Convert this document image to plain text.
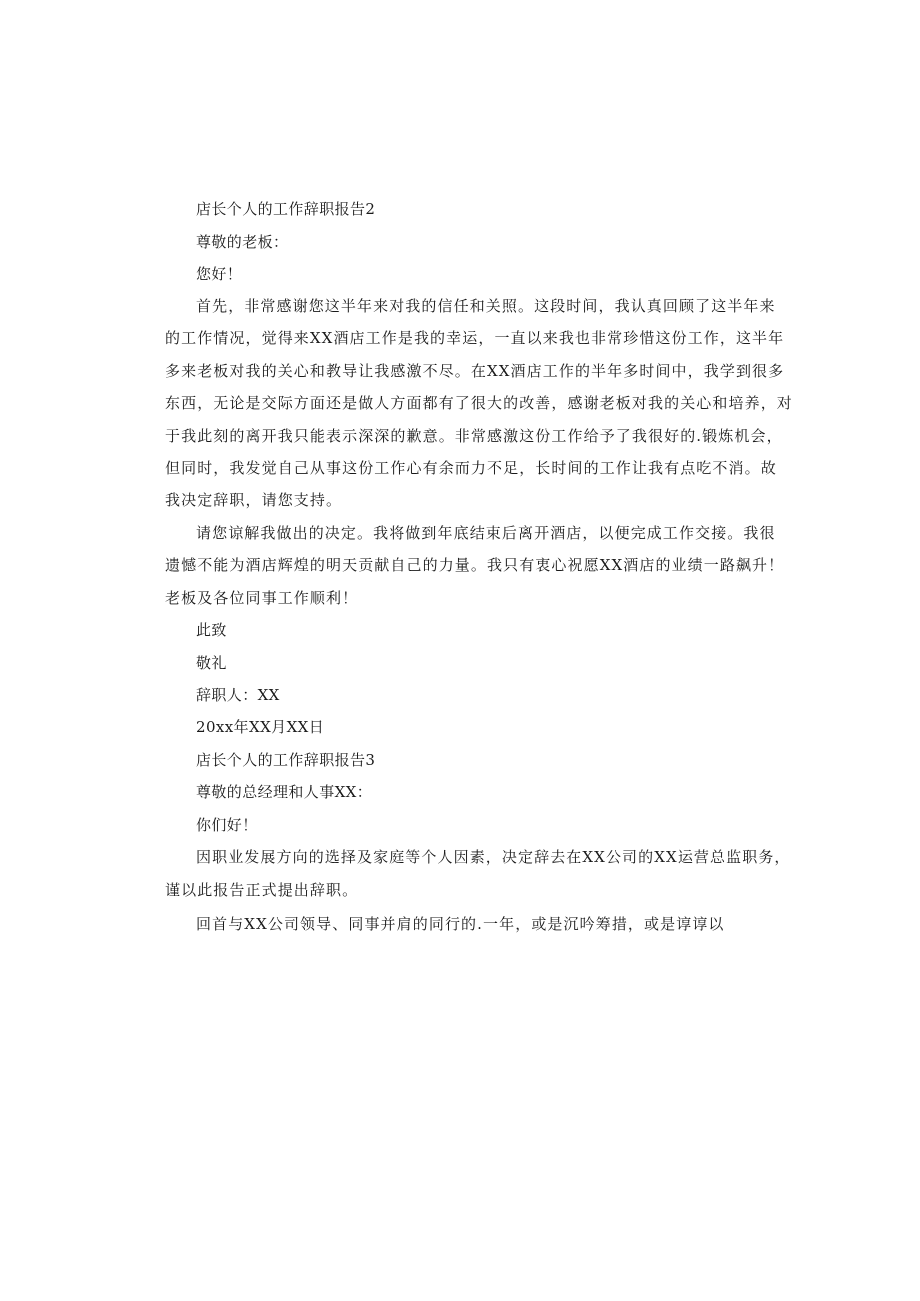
店长个人的工作辞职报告2

尊敬的老板：

您好！

首先，非常感谢您这半年来对我的信任和关照。这段时间，我认真回顾了这半年来

的工作情况，觉得来XX酒店工作是我的幸运，一直以来我也非常珍惜这份工作，这半年

多来老板对我的关心和教导让我感激不尽。在XX酒店工作的半年多时间中，我学到很多

东西，无论是交际方面还是做人方面都有了很大的改善，感谢老板对我的关心和培养，对

于我此刻的离开我只能表示深深的歉意。非常感激这份工作给予了我很好的.锻炼机会，

但同时，我发觉自己从事这份工作心有余而力不足，长时间的工作让我有点吃不消。故

我决定辞职，请您支持。

请您谅解我做出的决定。我将做到年底结束后离开酒店，以便完成工作交接。我很

遗憾不能为酒店辉煌的明天贡献自己的力量。我只有衷心祝愿XX酒店的业绩一路飙升！

老板及各位同事工作顺利！

此致

敬礼

辞职人：XX

20xx年XX月XX日

店长个人的工作辞职报告3

尊敬的总经理和人事XX：

你们好！

因职业发展方向的选择及家庭等个人因素，决定辞去在XX公司的XX运营总监职务，

谨以此报告正式提出辞职。

回首与XX公司领导、同事并肩的同行的.一年，或是沉吟筹措，或是谆谆以
